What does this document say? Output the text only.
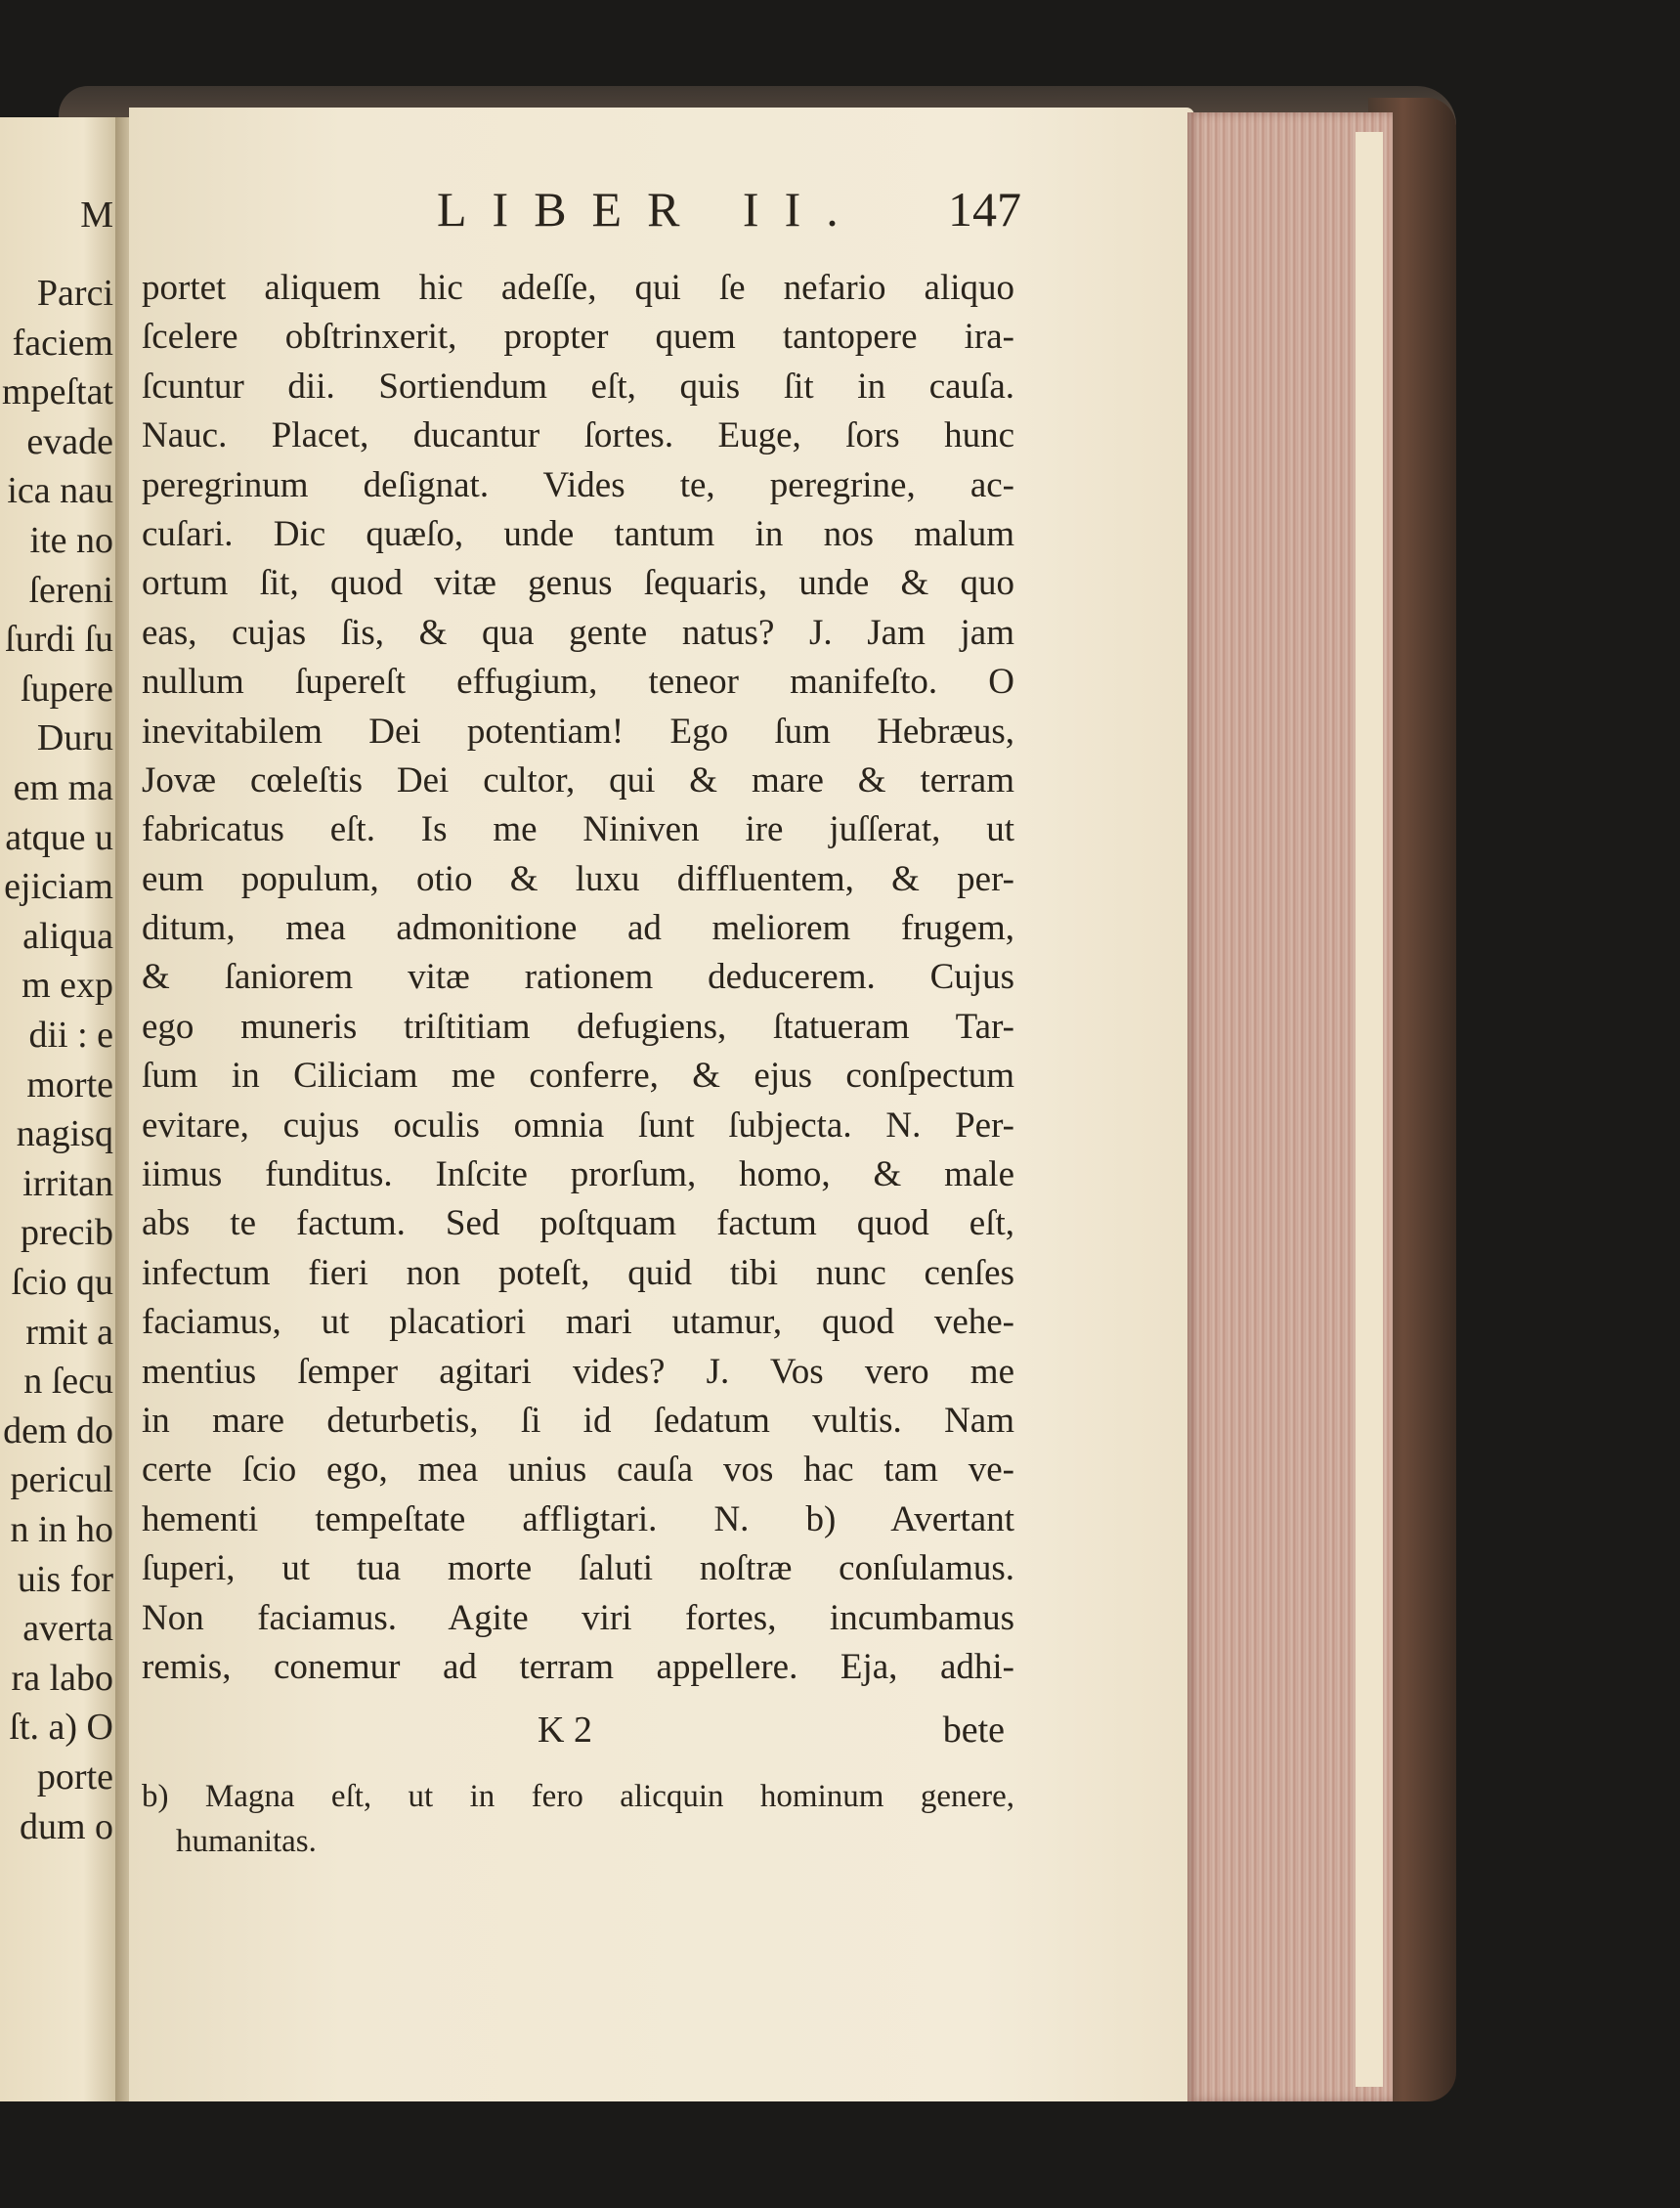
M
Parci
faciem
mpeſtat
evade
ica nau
ite no
ſereni
ſurdi ſu
ſupere
Duru
em ma
atque u
ejiciam
aliqua
m exp
dii : e
morte
nagisq
irritan
precib
ſcio qu
rmit a
n ſecu
dem do
pericul
n in ho
uis for
averta
ra labo
ſt. a) O
porte
dum o
LIBER II. 147
portet aliquem hic adeſſe, qui ſe nefario aliquo
ſcelere obſtrinxerit, propter quem tantopere ira-
ſcuntur dii. Sortiendum eſt, quis ſit in cauſa.
Nauc. Placet, ducantur ſortes. Euge, ſors hunc
peregrinum deſignat. Vides te, peregrine, ac-
cuſari. Dic quæſo, unde tantum in nos malum
ortum ſit, quod vitæ genus ſequaris, unde & quo
eas, cujas ſis, & qua gente natus? J. Jam jam
nullum ſupereſt effugium, teneor manifeſto. O
inevitabilem Dei potentiam! Ego ſum Hebræus,
Jovæ cœleſtis Dei cultor, qui & mare & terram
fabricatus eſt. Is me Niniven ire juſſerat, ut
eum populum, otio & luxu diffluentem, & per-
ditum, mea admonitione ad meliorem frugem,
& ſaniorem vitæ rationem deducerem. Cujus
ego muneris triſtitiam defugiens, ſtatueram Tar-
ſum in Ciliciam me conferre, & ejus conſpectum
evitare, cujus oculis omnia ſunt ſubjecta. N. Per-
iimus funditus. Inſcite prorſum, homo, & male
abs te factum. Sed poſtquam factum quod eſt,
infectum fieri non poteſt, quid tibi nunc cenſes
faciamus, ut placatiori mari utamur, quod vehe-
mentius ſemper agitari vides? J. Vos vero me
in mare deturbetis, ſi id ſedatum vultis. Nam
certe ſcio ego, mea unius cauſa vos hac tam ve-
hementi tempeſtate affligtari. N. b) Avertant
ſuperi, ut tua morte ſaluti noſtræ conſulamus.
Non faciamus. Agite viri fortes, incumbamus
remis, conemur ad terram appellere. Eja, adhi-
K 2	bete
b) Magna eſt, ut in fero alicquin hominum genere,
humanitas.
